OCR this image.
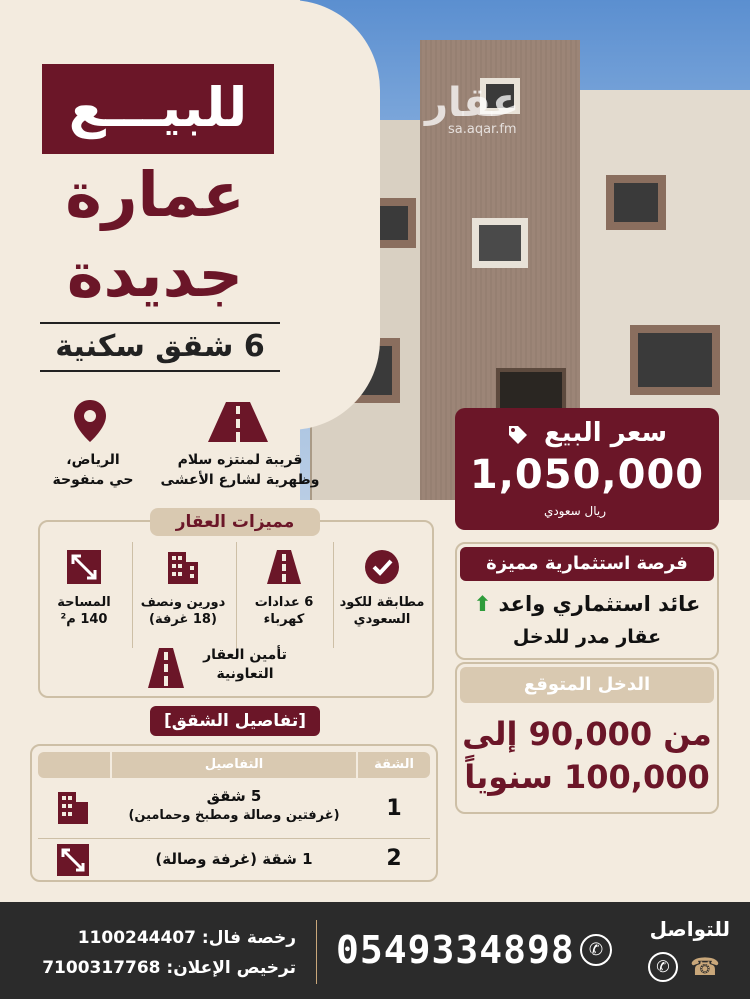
عقار
sa.aqar.fm
للبيـــع
عمارة
جديدة
6 شقق سكنية
الرياض،
حي منفوحة
قريبة لمنتزه سلام
وظهرية لشارع الأعشى
سعر البيع
1,050,000
ريال سعودي
مميزات العقار
مطابقة للكود
السعودي
6 عدادات
كهرباء
دورين ونصف
(18 غرفة)
المساحة
140 م²
تأمين العقار
التعاونية
فرصة استثمارية مميزة
عائد استثماري واعد ⬆
عقار مدر للدخل
الدخل المتوقع
من 90,000 إلى
100,000 سنوياً
[تفاصيل الشقق]
الشقة
التفاصيل
1
5 شقق
(غرفتين وصالة ومطبخ وحمامين)
2
1 شقة (غرفة وصالة)
للتواصل
✆ ☎
✆
0549334898
رخصة فال: 1100244407
ترخيص الإعلان: 7100317768
